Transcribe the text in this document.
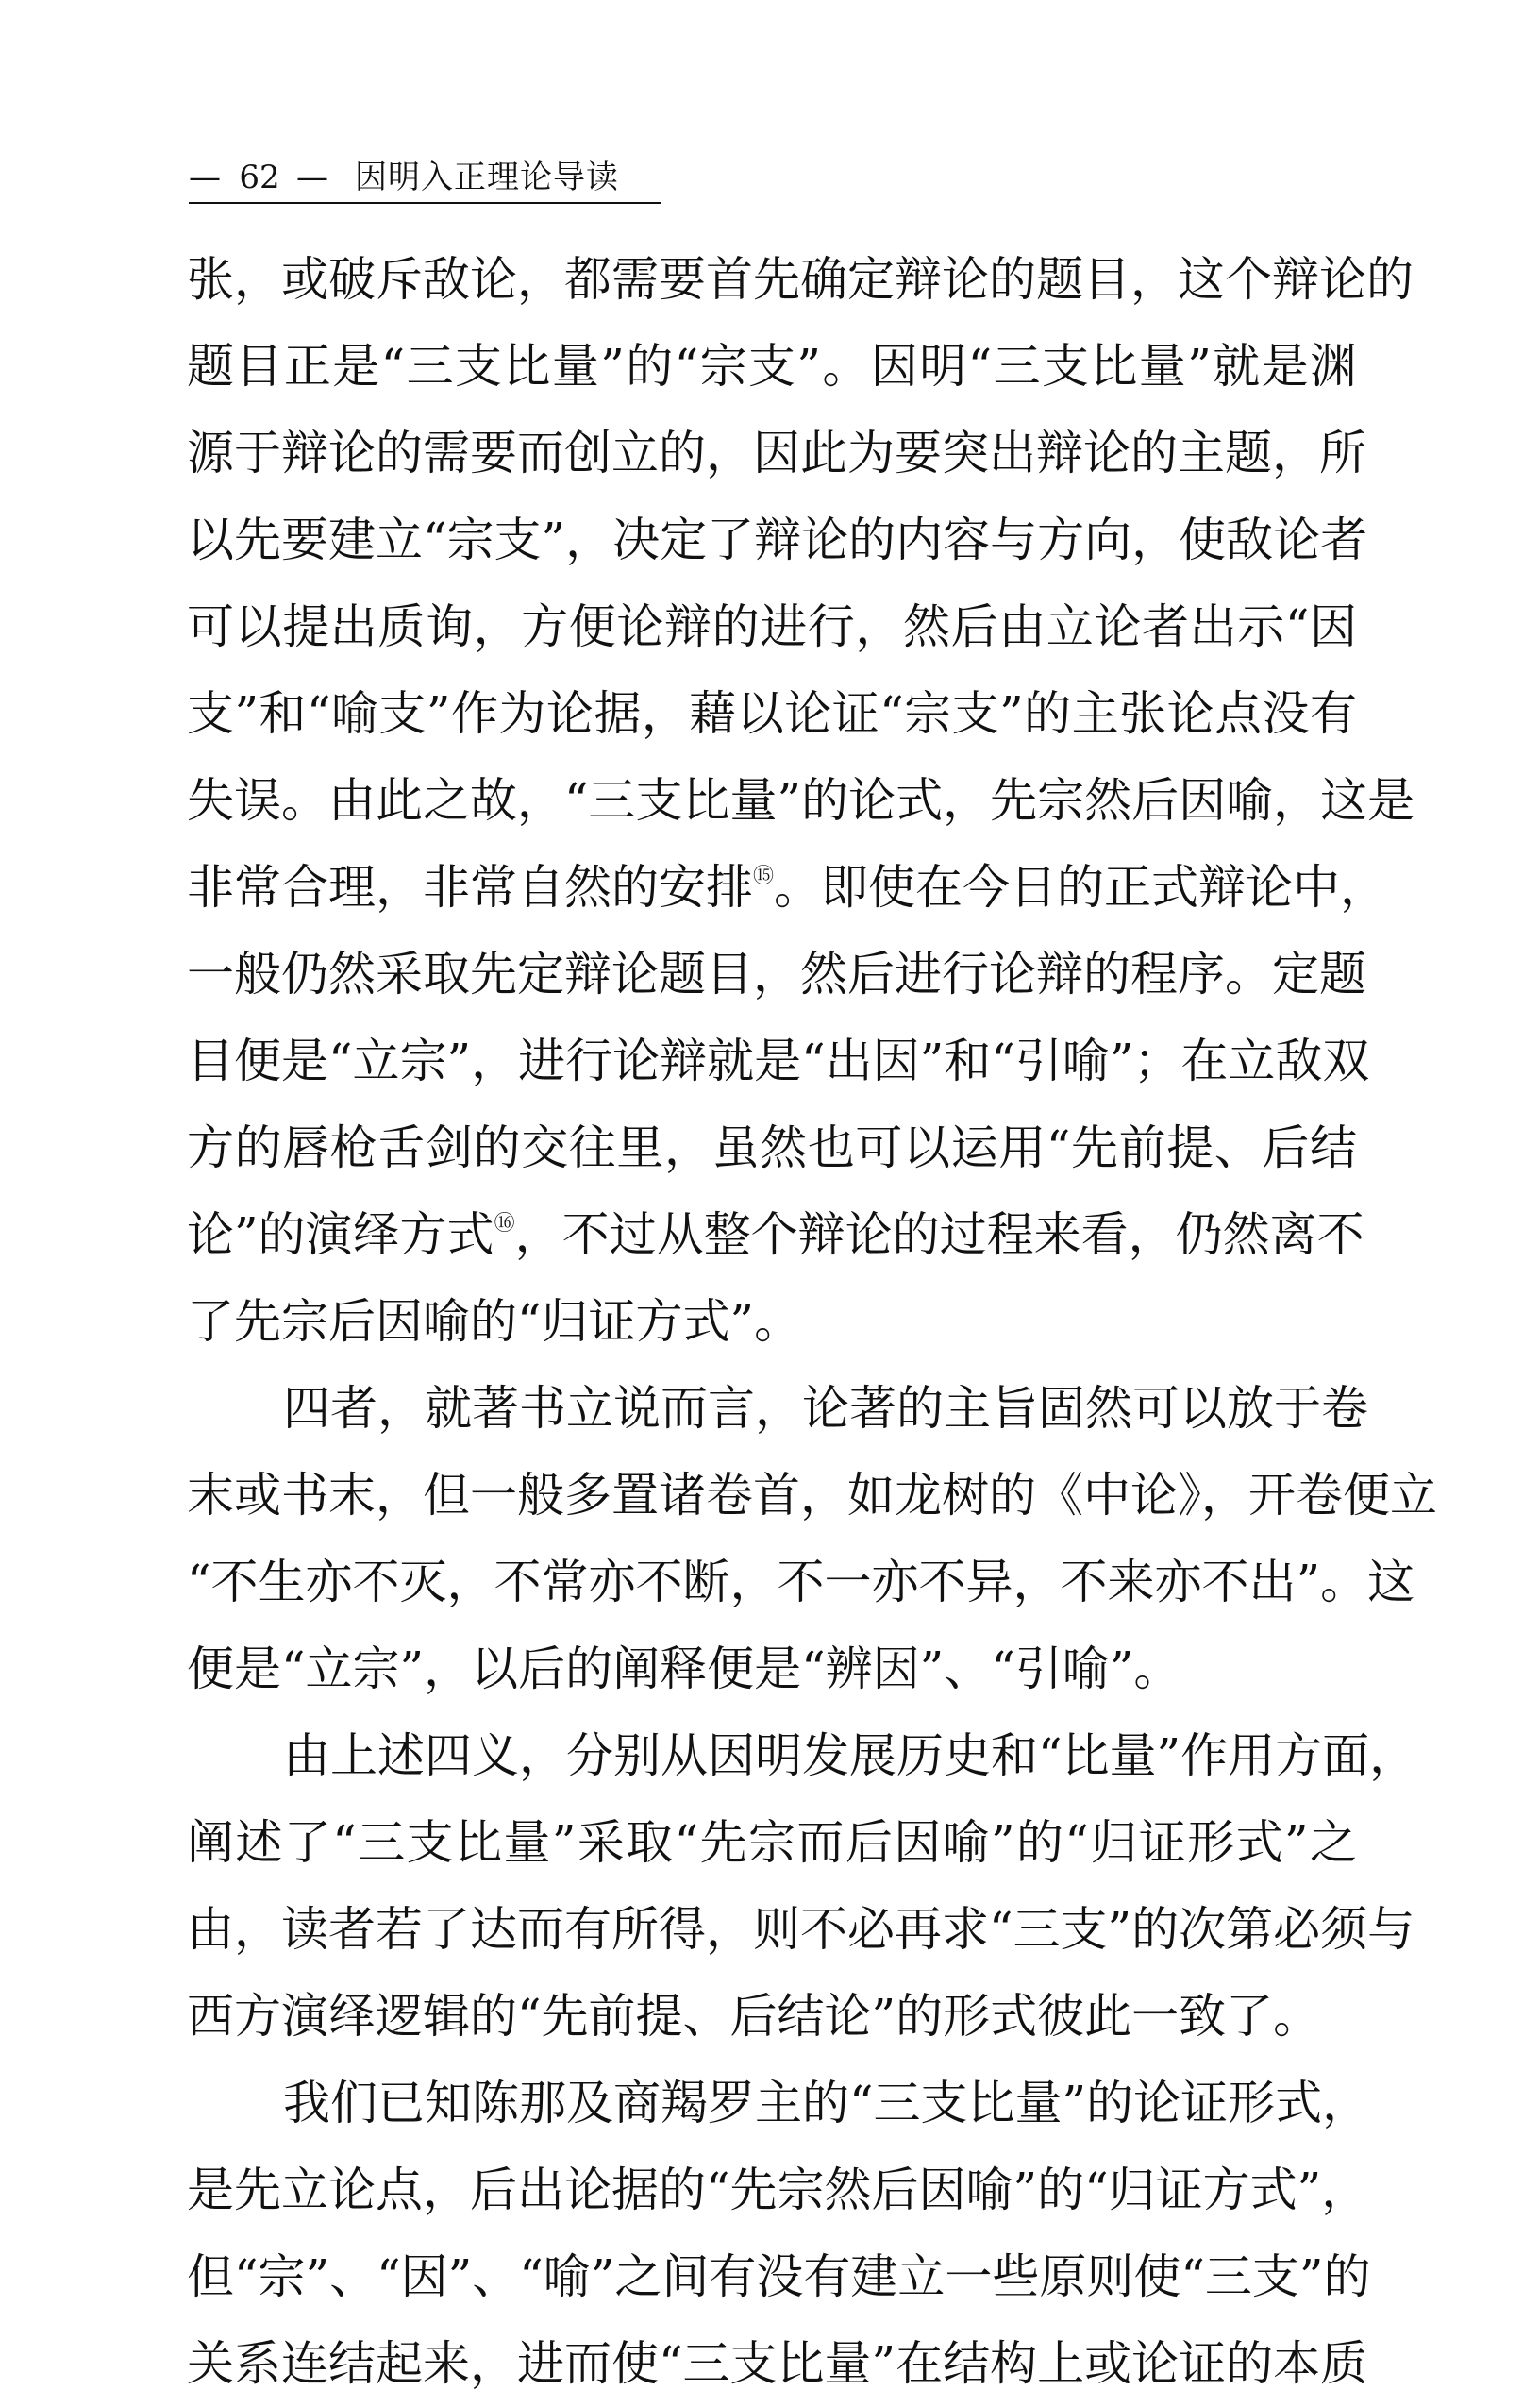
— 62 — 因明入正理论导读
张，或破斥敌论，都需要首先确定辩论的题目，这个辩论的
题目正是“三支比量”的“宗支”。因明“三支比量”就是渊
源于辩论的需要而创立的，因此为要突出辩论的主题，所
以先要建立“宗支”，决定了辩论的内容与方向，使敌论者
可以提出质询，方便论辩的进行，然后由立论者出示“因
支”和“喻支”作为论据，藉以论证“宗支”的主张论点没有
失误。由此之故，“三支比量”的论式，先宗然后因喻，这是
非常合理，非常自然的安排⑮。即使在今日的正式辩论中，
一般仍然采取先定辩论题目，然后进行论辩的程序。定题
目便是“立宗”，进行论辩就是“出因”和“引喻”；在立敌双
方的唇枪舌剑的交往里，虽然也可以运用“先前提、后结
论”的演绎方式⑯，不过从整个辩论的过程来看，仍然离不
了先宗后因喻的“归证方式”。
四者，就著书立说而言，论著的主旨固然可以放于卷
末或书末，但一般多置诸卷首，如龙树的《中论》，开卷便立
“不生亦不灭，不常亦不断，不一亦不异，不来亦不出”。这
便是“立宗”，以后的阐释便是“辨因”、“引喻”。
由上述四义，分别从因明发展历史和“比量”作用方面，
阐述了“三支比量”采取“先宗而后因喻”的“归证形式”之
由，读者若了达而有所得，则不必再求“三支”的次第必须与
西方演绎逻辑的“先前提、后结论”的形式彼此一致了。
我们已知陈那及商羯罗主的“三支比量”的论证形式，
是先立论点，后出论据的“先宗然后因喻”的“归证方式”，
但“宗”、“因”、“喻”之间有没有建立一些原则使“三支”的
关系连结起来，进而使“三支比量”在结构上或论证的本质
